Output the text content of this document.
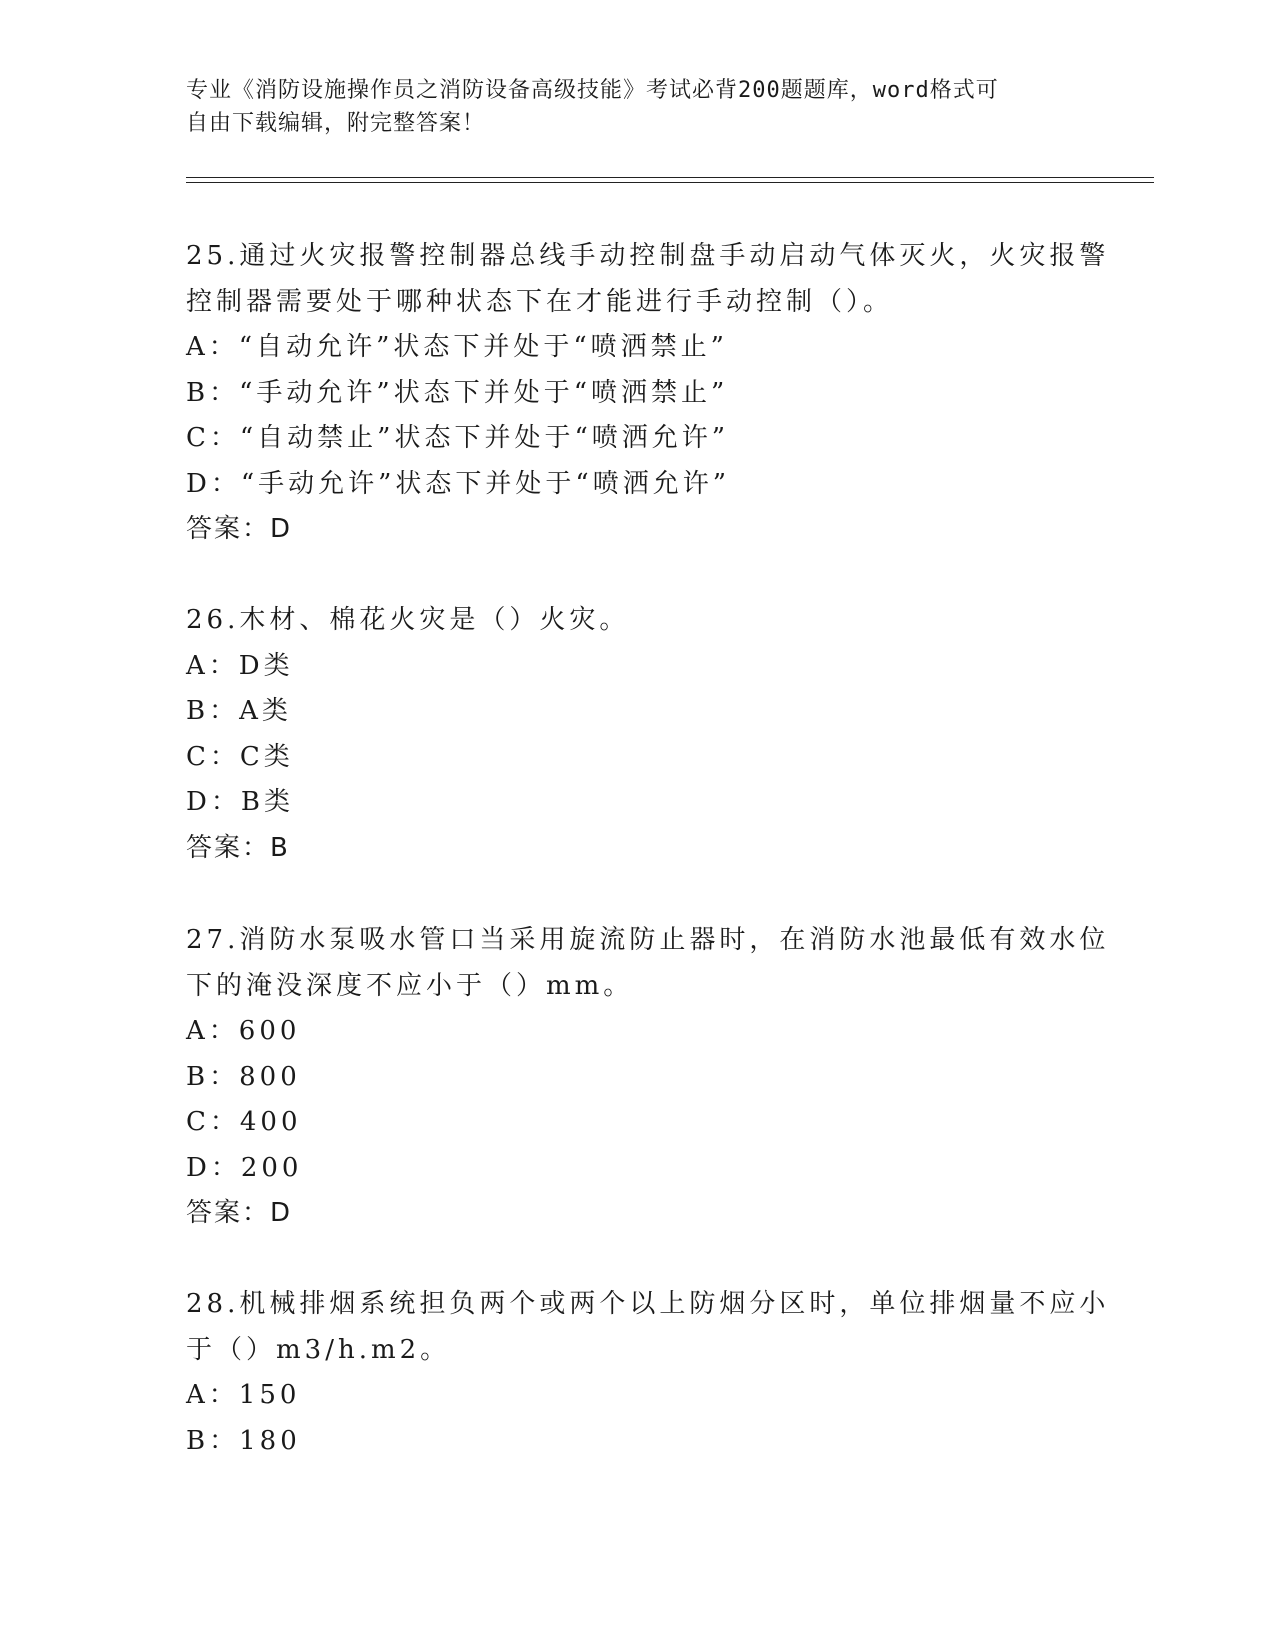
专业《消防设施操作员之消防设备高级技能》考试必背200题题库，word格式可
自由下载编辑，附完整答案！
25.通过火灾报警控制器总线手动控制盘手动启动气体灭火，火灾报警
控制器需要处于哪种状态下在才能进行手动控制（）。
A：“自动允许”状态下并处于“喷洒禁止”
B：“手动允许”状态下并处于“喷洒禁止”
C：“自动禁止”状态下并处于“喷洒允许”
D：“手动允许”状态下并处于“喷洒允许”
答案：D
26.木材、棉花火灾是（）火灾。
A：D类
B：A类
C：C类
D：B类
答案：B
27.消防水泵吸水管口当采用旋流防止器时，在消防水池最低有效水位
下的淹没深度不应小于（）mm。
A：600
B：800
C：400
D：200
答案：D
28.机械排烟系统担负两个或两个以上防烟分区时，单位排烟量不应小
于（）m3/h.m2。
A：150
B：180
